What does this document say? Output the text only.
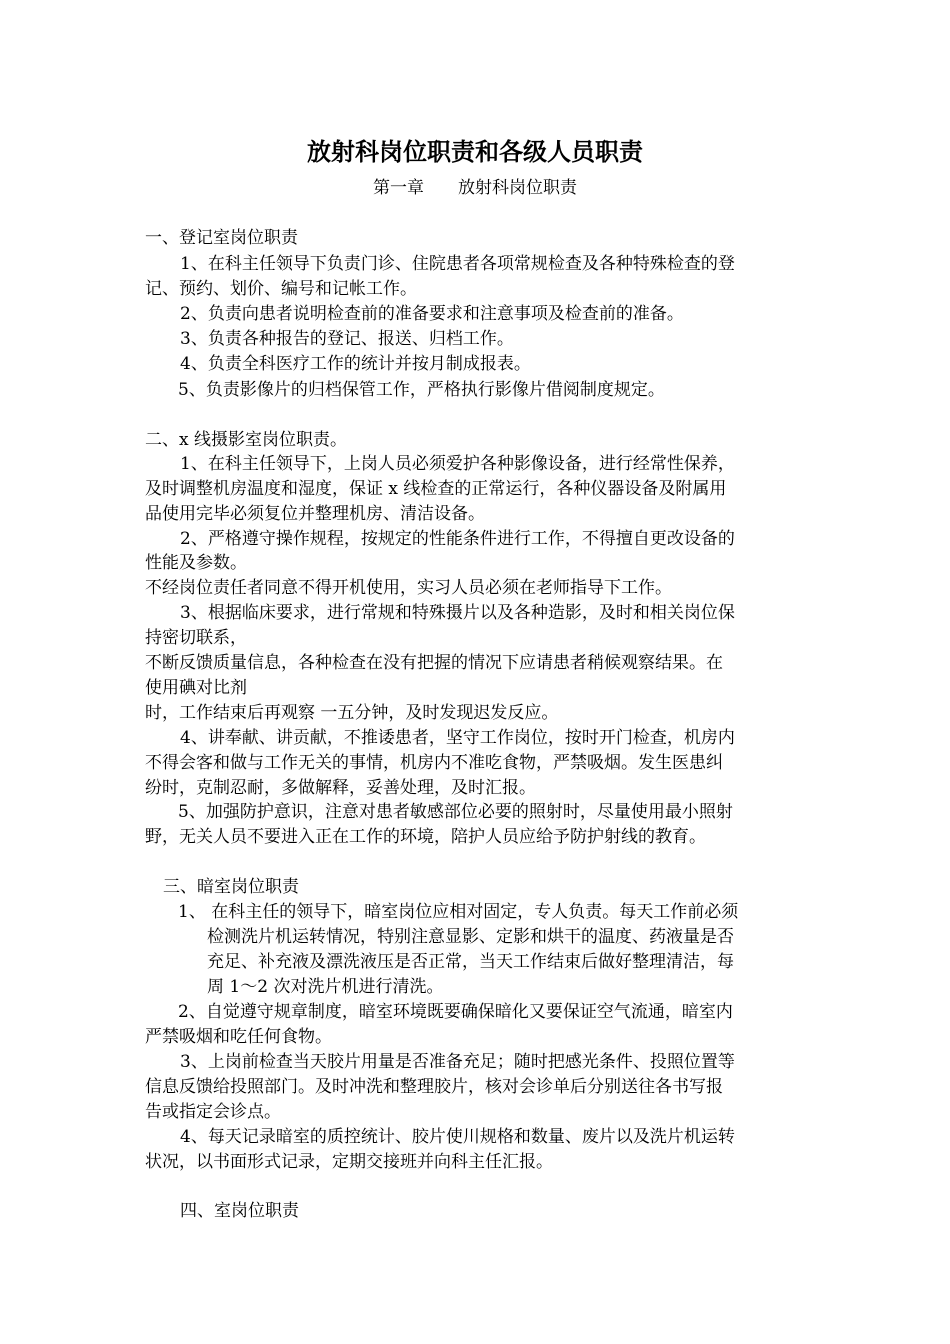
放射科岗位职责和各级人员职责

第一章　　放射科岗位职责

一、登记室岗位职责

1、在科主任领导下负责门诊、住院患者各项常规检查及各种特殊检查的登

记、预约、划价、编号和记帐工作。

2、负责向患者说明检查前的准备要求和注意事项及检查前的准备。

3、负责各种报告的登记、报送、归档工作。

4、负责全科医疗工作的统计并按月制成报表。

5、负责影像片的归档保管工作，严格执行影像片借阅制度规定。

二、x 线摄影室岗位职责。

1、在科主任领导下，上岗人员必须爱护各种影像设备，进行经常性保养，

及时调整机房温度和湿度，保证 x 线检查的正常运行，各种仪器设备及附属用

品使用完毕必须复位并整理机房、清洁设备。

2、严格遵守操作规程，按规定的性能条件进行工作，不得擅自更改设备的

性能及参数。

不经岗位责任者同意不得开机使用，实习人员必须在老师指导下工作。

3、根据临床要求，进行常规和特殊摄片以及各种造影，及时和相关岗位保

持密切联系，

不断反馈质量信息，各种检查在没有把握的情况下应请患者稍候观察结果。在

使用碘对比剂

时，工作结束后再观察 一五分钟，及时发现迟发反应。

4、讲奉献、讲贡献，不推诿患者，坚守工作岗位，按时开门检查，机房内

不得会客和做与工作无关的事情，机房内不准吃食物，严禁吸烟。发生医患纠

纷时，克制忍耐，多做解释，妥善处理，及时汇报。

5、加强防护意识，注意对患者敏感部位必要的照射时，尽量使用最小照射

野，无关人员不要进入正在工作的环境，陪护人员应给予防护射线的教育。

三、暗室岗位职责

1、 在科主任的领导下，暗室岗位应相对固定，专人负责。每天工作前必须

检测洗片机运转情况，特别注意显影、定影和烘干的温度、药液量是否

充足、补充液及漂洗液压是否正常，当天工作结束后做好整理清洁，每

周 1～2 次对洗片机进行清洗。

2、自觉遵守规章制度，暗室环境既要确保暗化又要保证空气流通，暗室内

严禁吸烟和吃任何食物。

3、上岗前检查当天胶片用量是否准备充足；随时把感光条件、投照位置等

信息反馈给投照部门。及时冲洗和整理胶片，核对会诊单后分别送往各书写报

告或指定会诊点。

4、每天记录暗室的质控统计、胶片使川规格和数量、废片以及洗片机运转

状况，以书面形式记录，定期交接班并向科主任汇报。

四、室岗位职责
